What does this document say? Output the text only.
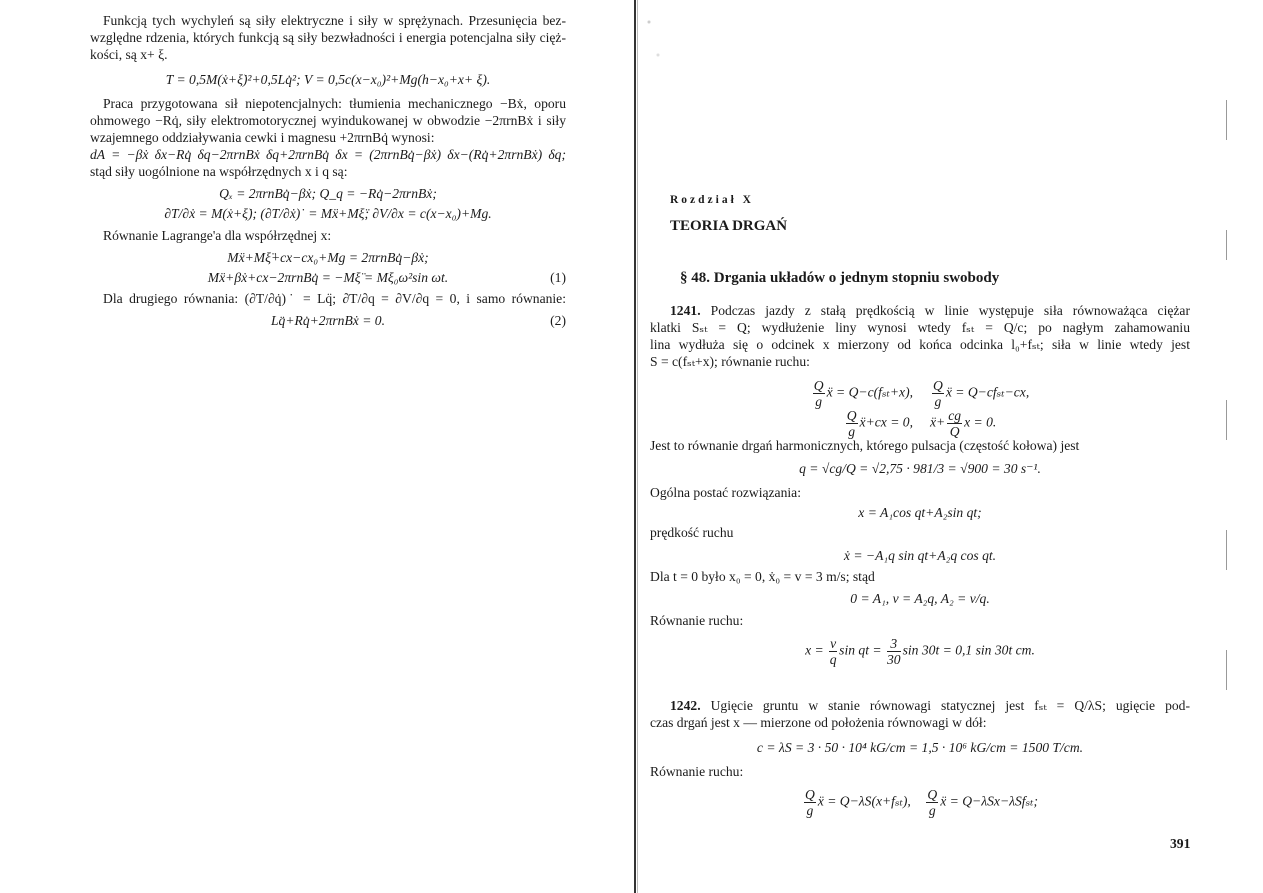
Funkcją tych wychyleń są siły elektryczne i siły w sprężynach. Przesunięcia bez-
względne rdzenia, których funkcją są siły bezwładności i energia potencjalna siły cięż-
kości, są x+ ξ.
T = 0,5M(ẋ+ξ̇)²+0,5Lq̇²; V = 0,5c(x−x₀)²+Mg(h−x₀+x+ ξ).
Praca przygotowana sił niepotencjalnych: tłumienia mechanicznego −Bẋ, oporu
ohmowego −Rq̇, siły elektromotorycznej wyindukowanej w obwodzie −2πrnBẋ i siły
wzajemnego oddziaływania cewki i magnesu +2πrnBq̇ wynosi:
dA = −βẋ δx−Rq̇ δq−2πrnBẋ δq+2πrnBq̇ δx = (2πrnBq̇−βẋ) δx−(Rq̇+2πrnBẋ) δq;
stąd siły uogólnione na współrzędnych x i q są:
Qₓ = 2πrnBq̇−βẋ; Q_q = −Rq̇−2πrnBẋ;
∂T/∂ẋ = M(ẋ+ξ̇); (∂T/∂ẋ)˙ = Mẍ+Mξ̈; ∂V/∂x = c(x−x₀)+Mg.
Równanie Lagrange'a dla współrzędnej x:
Mẍ+Mξ̈+cx−cx₀+Mg = 2πrnBq̇−βẋ;
Mẍ+βẋ+cx−2πrnBq̇ = −Mξ̈ = Mξ₀ω²sin ωt.	(1)
Dla drugiego równania: (∂T/∂q̇)˙ = Lq̈; ∂T/∂q = ∂V/∂q = 0, i samo równanie:
Lq̈+Rq̇+2πrnBẋ = 0.	(2)
Rozdział X
TEORIA DRGAŃ
§ 48. Drgania układów o jednym stopniu swobody
1241. Podczas jazdy z stałą prędkością w linie występuje siła równoważąca ciężar
klatki Sₛₜ = Q; wydłużenie liny wynosi wtedy fₛₜ = Q/c; po nagłym zahamowaniu
lina wydłuża się o odcinek x mierzony od końca odcinka l₀+fₛₜ; siła w linie wtedy jest
S = c(fₛₜ+x); równanie ruchu:
$\frac{Q}{g}$ ẍ = Q−c(fₛₜ+x), $\frac{Q}{g}$ ẍ = Q−cfₛₜ−cx,
$\frac{Q}{g}$ ẍ+cx = 0, ẍ+ $\frac{cg}{Q}$ x = 0.
Jest to równanie drgań harmonicznych, którego pulsacja (częstość kołowa) jest
q = √cg/Q = √2,75 · 981/3 = √900 = 30 s⁻¹.
Ogólna postać rozwiązania:
x = A₁cos qt+A₂sin qt;
prędkość ruchu
ẋ = −A₁q sin qt+A₂q cos qt.
Dla t = 0 było x₀ = 0, ẋ₀ = v = 3 m/s; stąd
0 = A₁, v = A₂q, A₂ = v/q.
Równanie ruchu:
$x = \frac{v}{q}$ sin qt = $\frac{3}{30}$ sin 30t = 0,1 sin 30t cm.
1242. Ugięcie gruntu w stanie równowagi statycznej jest fₛₜ = Q/λS; ugięcie pod-
czas drgań jest x — mierzone od położenia równowagi w dół:
c = λS = 3 · 50 · 10⁴ kG/cm = 1,5 · 10⁶ kG/cm = 1500 T/cm.
Równanie ruchu:
$\frac{Q}{g}$ ẍ = Q−λS(x+fₛₜ), $\frac{Q}{g}$ ẍ = Q−λSx−λSfₛₜ;
391
